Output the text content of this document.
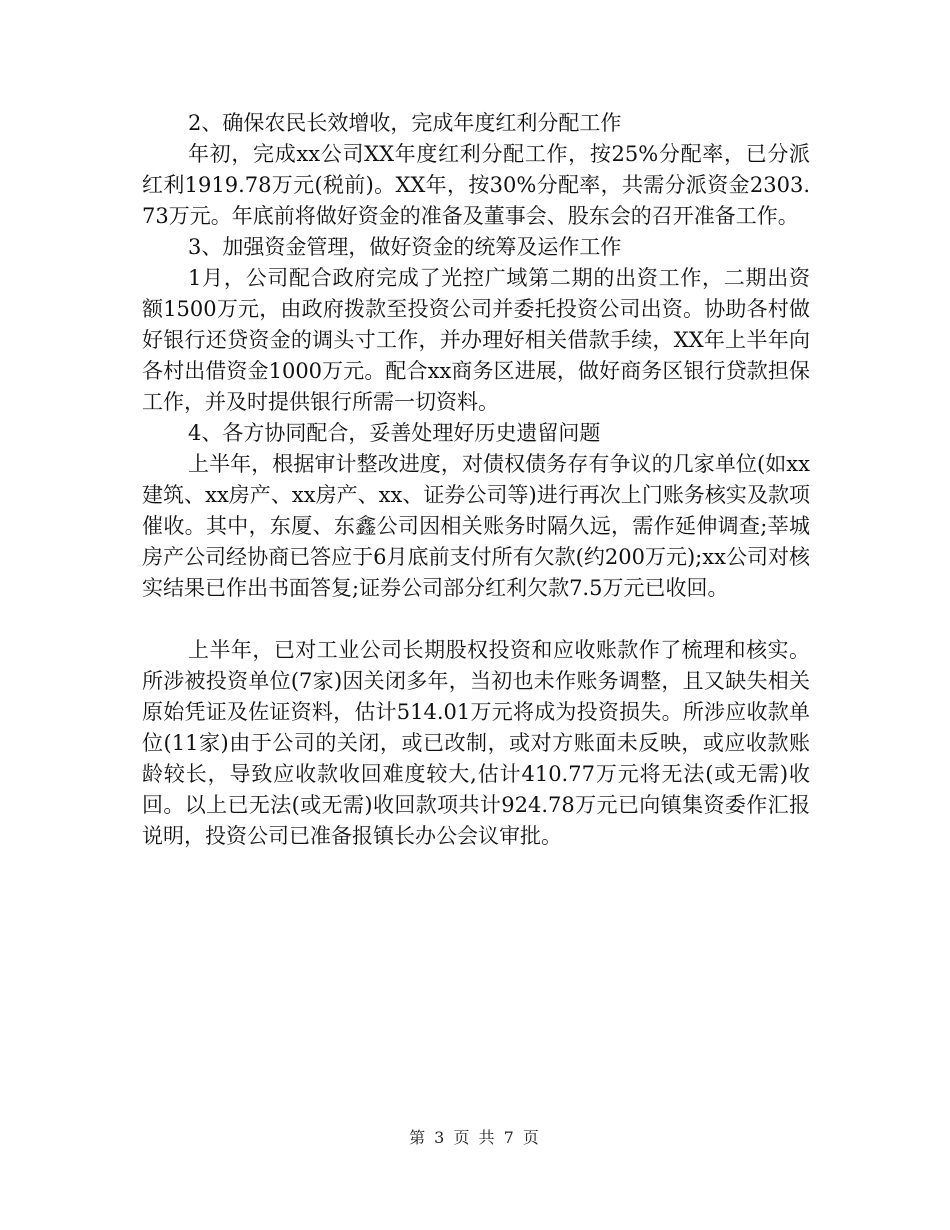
2、确保农民长效增收，完成年度红利分配工作

年初，完成xx公司XX年度红利分配工作，按25%分配率，已分派红利1919.78万元(税前)。XX年，按30%分配率，共需分派资金2303.73万元。年底前将做好资金的准备及董事会、股东会的召开准备工作。

3、加强资金管理，做好资金的统筹及运作工作

1月，公司配合政府完成了光控广域第二期的出资工作，二期出资额1500万元，由政府拨款至投资公司并委托投资公司出资。协助各村做好银行还贷资金的调头寸工作，并办理好相关借款手续，XX年上半年向各村出借资金1000万元。配合xx商务区进展，做好商务区银行贷款担保工作，并及时提供银行所需一切资料。

4、各方协同配合，妥善处理好历史遗留问题

上半年，根据审计整改进度，对债权债务存有争议的几家单位(如xx建筑、xx房产、xx房产、xx、证券公司等)进行再次上门账务核实及款项催收。其中，东厦、东鑫公司因相关账务时隔久远，需作延伸调查;莘城房产公司经协商已答应于6月底前支付所有欠款(约200万元);xx公司对核实结果已作出书面答复;证券公司部分红利欠款7.5万元已收回。

上半年，已对工业公司长期股权投资和应收账款作了梳理和核实。所涉被投资单位(7家)因关闭多年，当初也未作账务调整，且又缺失相关原始凭证及佐证资料，估计514.01万元将成为投资损失。所涉应收款单位(11家)由于公司的关闭，或已改制，或对方账面未反映，或应收款账龄较长，导致应收款收回难度较大,估计410.77万元将无法(或无需)收回。以上已无法(或无需)收回款项共计924.78万元已向镇集资委作汇报说明，投资公司已准备报镇长办公会议审批。

第 3 页 共 7 页
